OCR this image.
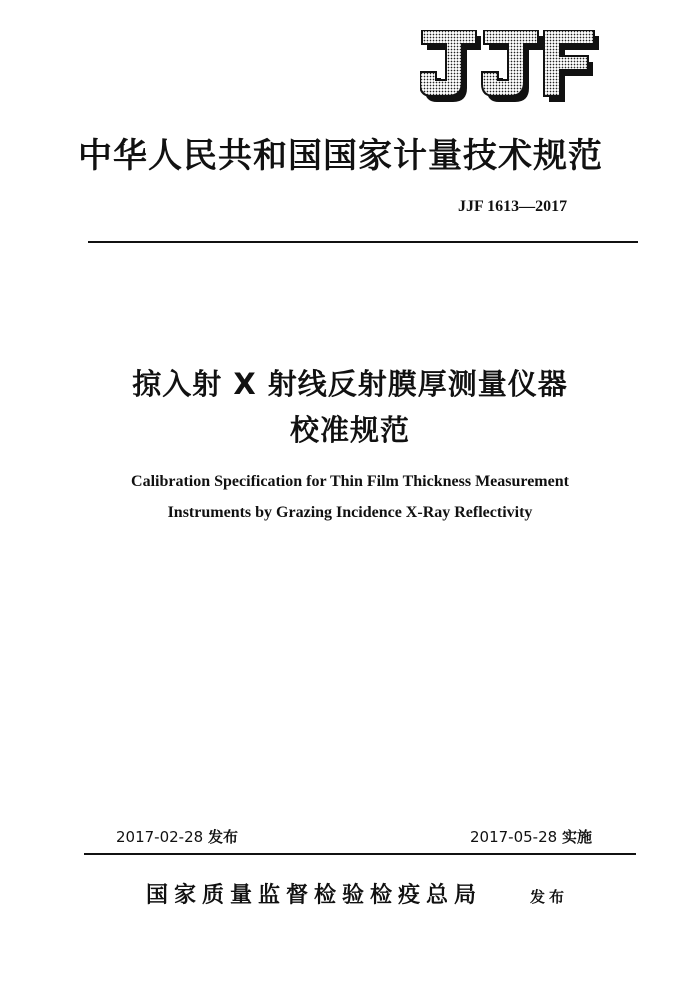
中华人民共和国国家计量技术规范
JJF 1613—2017
掠入射 X 射线反射膜厚测量仪器
校准规范
Calibration Specification for Thin Film Thickness Measurement
Instruments by Grazing Incidence X-Ray Reflectivity
2017-02-28 发布	2017-05-28 实施
国家质量监督检验检疫总局	发布
